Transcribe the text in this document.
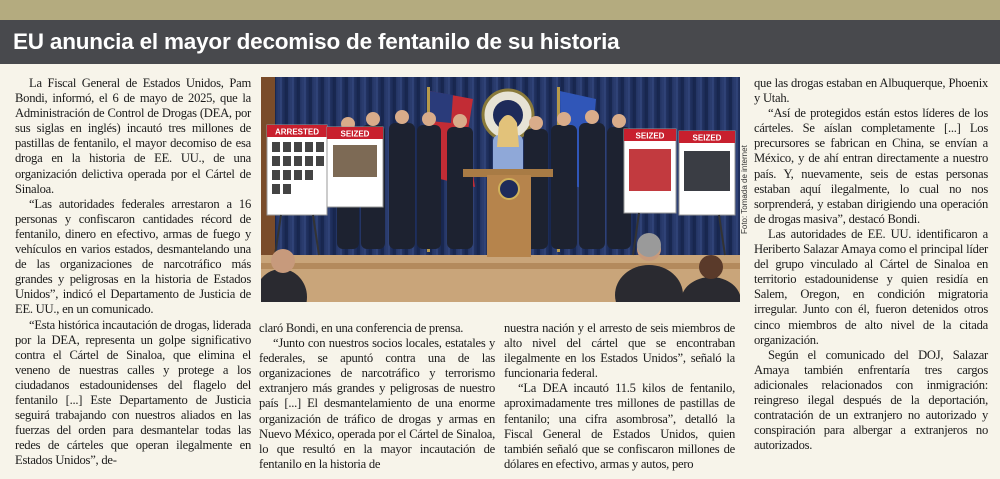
EU anuncia el mayor decomiso de fentanilo de su historia

La Fiscal General de Estados Unidos, Pam Bondi, informó, el 6 de mayo de 2025, que la Administración de Control de Drogas (DEA, por sus siglas en inglés) incautó tres millones de pastillas de fentanilo, el mayor decomiso de esa droga en la historia de EE. UU., de una organización delictiva operada por el Cártel de Sinaloa.

“Las autoridades federales arrestaron a 16 personas y confiscaron cantidades récord de fentanilo, dinero en efectivo, armas de fuego y vehículos en varios estados, desmantelando una de las organizaciones de narcotráfico más grandes y peligrosas en la historia de Estados Unidos”, indicó el Departamento de Justicia de EE. UU., en un comunicado.

“Esta histórica incautación de drogas, liderada por la DEA, representa un golpe significativo contra el Cártel de Sinaloa, que elimina el veneno de nuestras calles y protege a los ciudadanos estadounidenses del flagelo del fentanilo [...] Este Departamento de Justicia seguirá trabajando con nuestros aliados en las fuerzas del orden para desmantelar todas las redes de cárteles que operan ilegalmente en Estados Unidos”, de-

ARRESTED	SEIZED	SEIZED	SEIZED
Foto: Tomada de internet

claró Bondi, en una conferencia de prensa.

“Junto con nuestros socios locales, estatales y federales, se apuntó contra una de las organizaciones de narcotráfico y terrorismo extranjero más grandes y peligrosas de nuestro país [...] El desmantelamiento de una enorme organización de tráfico de drogas y armas en Nuevo México, operada por el Cártel de Sinaloa, lo que resultó en la mayor incautación de fentanilo en la historia de

nuestra nación y el arresto de seis miembros de alto nivel del cártel que se encontraban ilegalmente en los Estados Unidos”, señaló la funcionaria federal.

“La DEA incautó 11.5 kilos de fentanilo, aproximadamente tres millones de pastillas de fentanilo; una cifra asombrosa”, detalló la Fiscal General de Estados Unidos, quien también señaló que se confiscaron millones de dólares en efectivo, armas y autos, pero

que las drogas estaban en Albuquerque, Phoenix y Utah.

“Así de protegidos están estos líderes de los cárteles. Se aíslan completamente [...] Los precursores se fabrican en China, se envían a México, y de ahí entran directamente a nuestro país. Y, nuevamente, seis de estas personas estaban aquí ilegalmente, lo cual no nos sorprenderá, y estaban dirigiendo una operación de drogas masiva”, destacó Bondi.

Las autoridades de EE. UU. identificaron a Heriberto Salazar Amaya como el principal líder del grupo vinculado al Cártel de Sinaloa en territorio estadounidense y quien residía en Salem, Oregon, en condición migratoria irregular. Junto con él, fueron detenidos otros cinco miembros de alto nivel de la citada organización.

Según el comunicado del DOJ, Salazar Amaya también enfrentaría tres cargos adicionales relacionados con inmigración: reingreso ilegal después de la deportación, contratación de un extranjero no autorizado y conspiración para albergar a extranjeros no autorizados.
